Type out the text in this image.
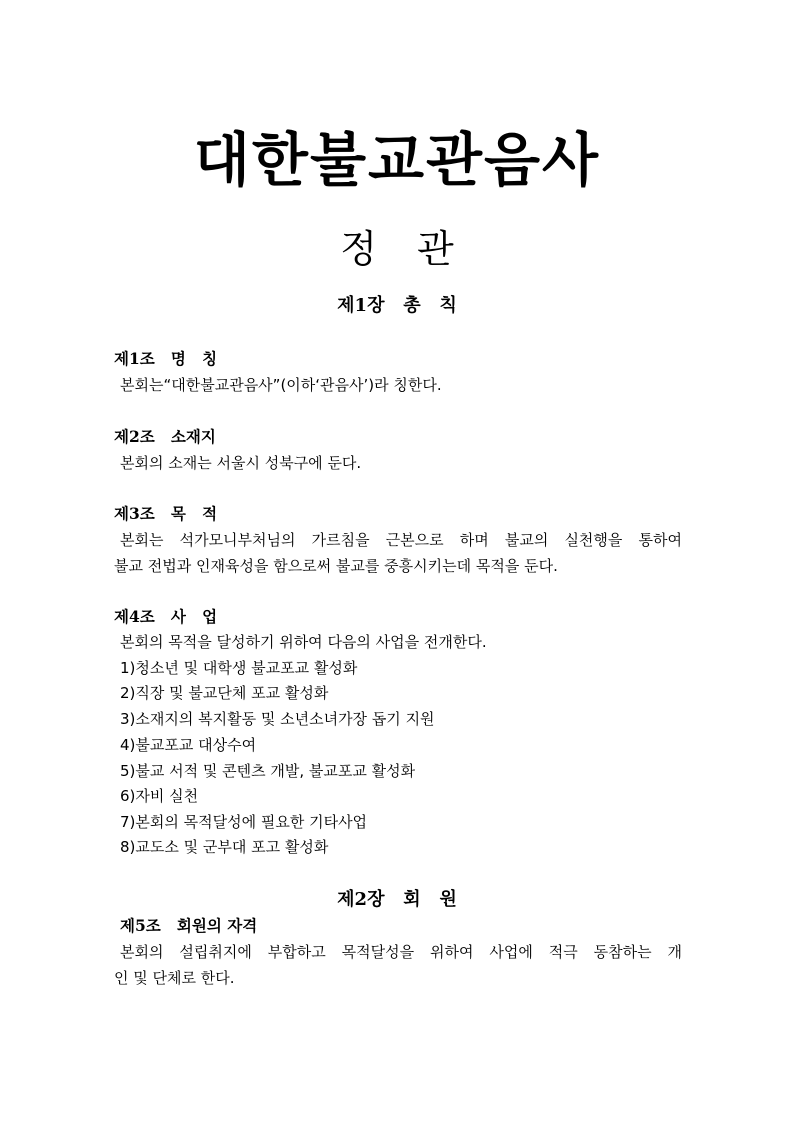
대한불교관음사
정 관
제1장   총   칙
제1조   명   칭
본회는“대한불교관음사”(이하‘관음사’)라 칭한다.
제2조   소재지
본회의 소재는 서울시 성북구에 둔다.
제3조   목   적
본회는 석가모니부처님의 가르침을 근본으로 하며 불교의 실천행을 통하여
불교 전법과 인재육성을 함으로써 불교를 중흥시키는데 목적을 둔다.
제4조   사   업
본회의 목적을 달성하기 위하여 다음의 사업을 전개한다.
1)청소년 및 대학생 불교포교 활성화
2)직장 및 불교단체 포교 활성화
3)소재지의 복지활동 및 소년소녀가장 돕기 지원
4)불교포교 대상수여
5)불교 서적 및 콘텐츠 개발, 불교포교 활성화
6)자비 실천
7)본회의 목적달성에 필요한 기타사업
8)교도소 및 군부대 포고 활성화
제2장   회   원
제5조   회원의 자격
본회의 설립취지에 부합하고 목적달성을 위하여 사업에 적극 동참하는 개
인 및 단체로 한다.
